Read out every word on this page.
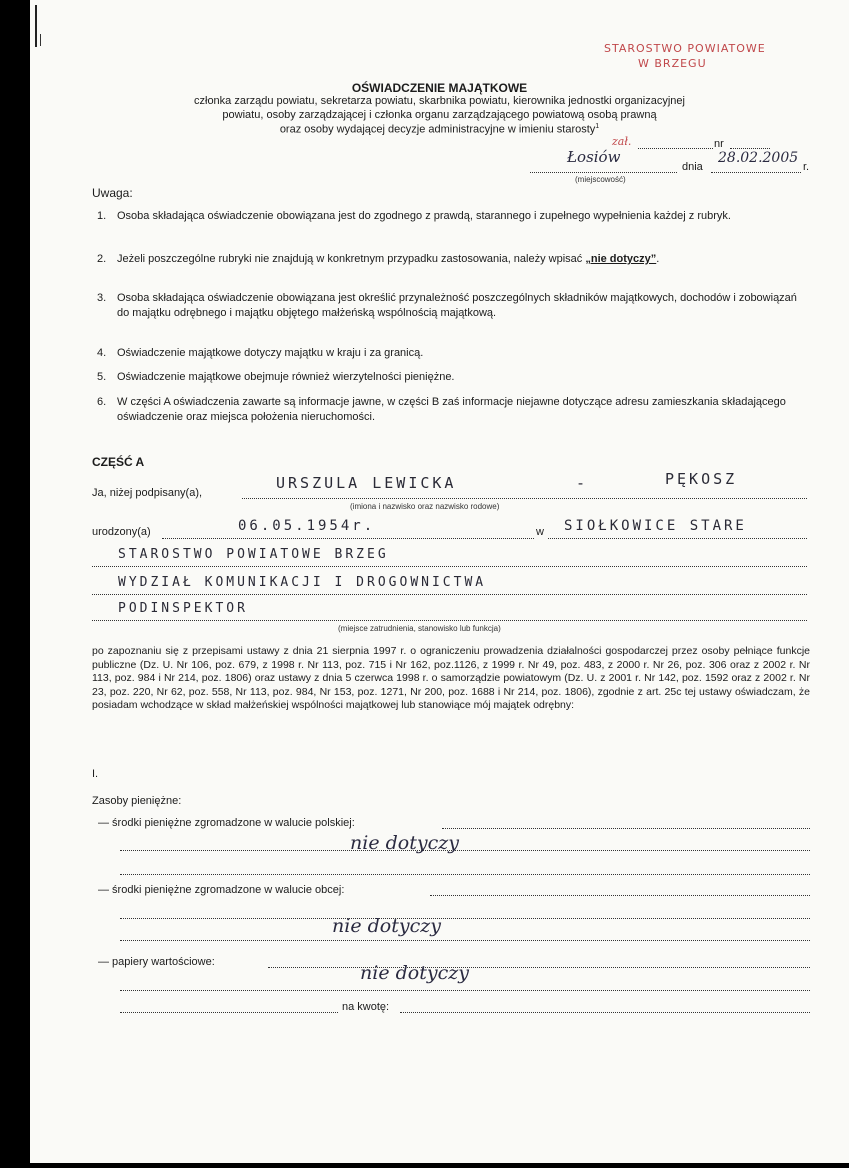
STAROSTWO POWIATOWE
W BRZEGU
OŚWIADCZENIE MAJĄTKOWE
członka zarządu powiatu, sekretarza powiatu, skarbnika powiatu, kierownika jednostki organizacyjnej
powiatu, osoby zarządzającej i członka organu zarządzającego powiatową osobą prawną
oraz osoby wydającej decyzje administracyjne w imieniu starosty$^1$
zał.	nr
Łosiów
dnia
28.02.2005
r.
(miejscowość)
Uwaga:
1. Osoba składająca oświadczenie obowiązana jest do zgodnego z prawdą, starannego i zupełnego wypełnienia każdej z rubryk.
2. Jeżeli poszczególne rubryki nie znajdują w konkretnym przypadku zastosowania, należy wpisać „nie dotyczy”.
3. Osoba składająca oświadczenie obowiązana jest określić przynależność poszczególnych składników majątkowych, dochodów i zobowiązań do majątku odrębnego i majątku objętego małżeńską wspólnością majątkową.
4. Oświadczenie majątkowe dotyczy majątku w kraju i za granicą.
5. Oświadczenie majątkowe obejmuje również wierzytelności pieniężne.
6. W części A oświadczenia zawarte są informacje jawne, w części B zaś informacje niejawne dotyczące adresu zamieszkania składającego oświadczenie oraz miejsca położenia nieruchomości.
CZĘŚĆ A
Ja, niżej podpisany(a),
URSZULA LEWICKA	-	PĘKOSZ
(imiona i nazwisko oraz nazwisko rodowe)
urodzony(a)	06.05.1954r.	w SIOŁKOWICE STARE
STAROSTWO POWIATOWE BRZEG
WYDZIAŁ KOMUNIKACJI I DROGOWNICTWA
PODINSPEKTOR
(miejsce zatrudnienia, stanowisko lub funkcja)
po zapoznaniu się z przepisami ustawy z dnia 21 sierpnia 1997 r. o ograniczeniu prowadzenia działalności gospodarczej przez osoby pełniące funkcje publiczne (Dz. U. Nr 106, poz. 679, z 1998 r. Nr 113, poz. 715 i Nr 162, poz.1126, z 1999 r. Nr 49, poz. 483, z 2000 r. Nr 26, poz. 306 oraz z 2002 r. Nr 113, poz. 984 i Nr 214, poz. 1806) oraz ustawy z dnia 5 czerwca 1998 r. o samorządzie powiatowym (Dz. U. z 2001 r. Nr 142, poz. 1592 oraz z 2002 r. Nr 23, poz. 220, Nr 62, poz. 558, Nr 113, poz. 984, Nr 153, poz. 1271, Nr 200, poz. 1688 i Nr 214, poz. 1806), zgodnie z art. 25c tej ustawy oświadczam, że posiadam wchodzące w skład małżeńskiej wspólności majątkowej lub stanowiące mój majątek odrębny:
I.
Zasoby pieniężne:
— środki pieniężne zgromadzone w walucie polskiej:
nie dotyczy
— środki pieniężne zgromadzone w walucie obcej:
nie dotyczy
— papiery wartościowe:	nie dotyczy
na kwotę:
